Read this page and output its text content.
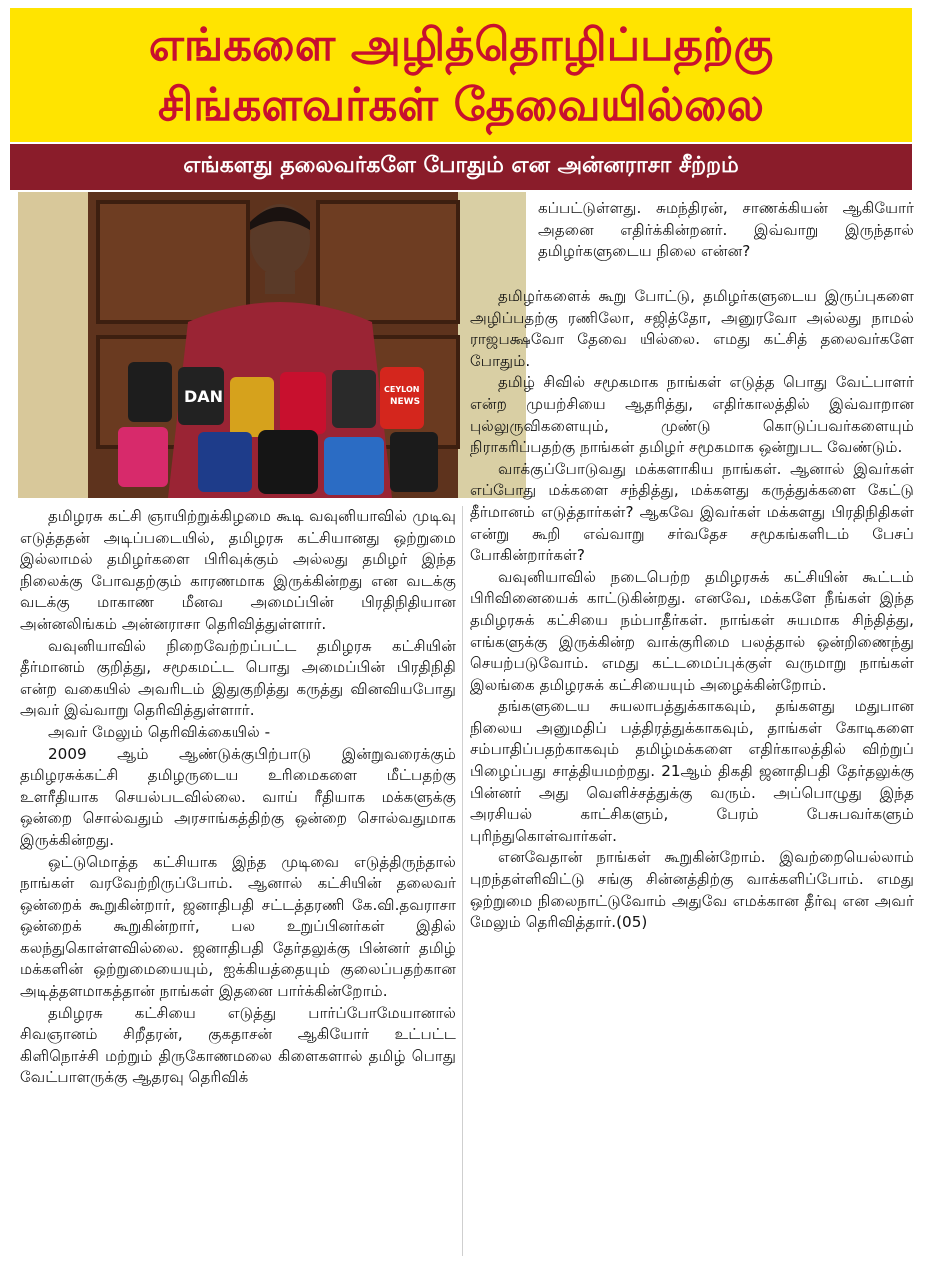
எங்களை அழித்தொழிப்பதற்கு
சிங்களவர்கள் தேவையில்லை
எங்களது தலைவர்களே போதும் என அன்னராசா சீற்றம்
DAN	CEYLON
NEWS

கப்பட்டுள்ளது. சுமந்திரன், சாணக்கியன் ஆகியோர் அதனை எதிர்க்கின்றனர். இவ்வாறு இருந்தால் தமிழர்களுடைய நிலை என்ன?

தமிழரசு கட்சி ஞாயிற்றுக்கிழமை கூடி வவுனியாவில் முடிவு எடுத்ததன் அடிப்படையில், தமிழரசு கட்சியானது ஒற்றுமை இல்லாமல் தமிழர்களை பிரிவுக்கும் அல்லது தமிழர் இந்த நிலைக்கு போவதற்கும் காரணமாக இருக்கின்றது என வடக்கு வடக்கு மாகாண மீனவ அமைப்பின் பிரதிநிதியான அன்னலிங்கம் அன்னராசா தெரிவித்துள்ளார்.

வவுனியாவில் நிறைவேற்றப்பட்ட தமிழரசு கட்சியின் தீர்மானம் குறித்து, சமூகமட்ட பொது அமைப்பின் பிரதிநிதி என்ற வகையில் அவரிடம் இதுகுறித்து கருத்து வினவியபோது அவர் இவ்வாறு தெரிவித்துள்ளார்.

அவர் மேலும் தெரிவிக்கையில் -

2009 ஆம் ஆண்டுக்குபிற்பாடு இன்றுவரைக்கும் தமிழரசுக்கட்சி தமிழருடைய உரிமைகளை மீட்பதற்கு உளரீதியாக செயல்படவில்லை. வாய் ரீதியாக மக்களுக்கு ஒன்றை சொல்வதும் அரசாங்கத்திற்கு ஒன்றை சொல்வதுமாக இருக்கின்றது.

ஒட்டுமொத்த கட்சியாக இந்த முடிவை எடுத்திருந்தால் நாங்கள் வரவேற்றிருப்போம். ஆனால் கட்சியின் தலைவர் ஒன்றைக் கூறுகின்றார், ஜனாதிபதி சட்டத்தரணி கே.வி.தவராசா ஒன்றைக் கூறுகின்றார், பல உறுப்பினர்கள் இதில் கலந்துகொள்ளவில்லை. ஜனாதிபதி தேர்தலுக்கு பின்னர் தமிழ் மக்களின் ஒற்றுமையையும், ஐக்கியத்தையும் குலைப்பதற்கான அடித்தளமாகத்தான் நாங்கள் இதனை பார்க்கின்றோம்.

தமிழரசு கட்சியை எடுத்து பார்ப்போமேயானால் சிவஞானம் சிறீதரன், குகதாசன் ஆகியோர் உட்பட்ட கிளிநொச்சி மற்றும் திருகோணமலை கிளைகளால் தமிழ் பொது வேட்பாளருக்கு ஆதரவு தெரிவிக்

தமிழர்களைக் கூறு போட்டு, தமிழர்களுடைய இருப்புகளை அழிப்பதற்கு ரணிலோ, சஜித்தோ, அனுரவோ அல்லது நாமல் ராஜபக்ஷவோ தேவை யில்லை. எமது கட்சித் தலைவர்களே போதும்.

தமிழ் சிவில் சமூகமாக நாங்கள் எடுத்த பொது வேட்பாளர் என்ற முயற்சியை ஆதரித்து, எதிர்காலத்தில் இவ்வாறான புல்லுருவிகளையும், முண்டு கொடுப்பவர்களையும் நிராகரிப்பதற்கு நாங்கள் தமிழர் சமூகமாக ஒன்றுபட வேண்டும்.

வாக்குப்போடுவது மக்களாகிய நாங்கள். ஆனால் இவர்கள் எப்போது மக்களை சந்தித்து, மக்களது கருத்துக்களை கேட்டு தீர்மானம் எடுத்தார்கள்? ஆகவே இவர்கள் மக்களது பிரதிநிதிகள் என்று கூறி எவ்வாறு சர்வதேச சமூகங்களிடம் பேசப் போகின்றார்கள்?

வவுனியாவில் நடைபெற்ற தமிழரசுக் கட்சியின் கூட்டம் பிரிவினையைக் காட்டுகின்றது. எனவே, மக்களே நீங்கள் இந்த தமிழரசுக் கட்சியை நம்பாதீர்கள். நாங்கள் சுயமாக சிந்தித்து, எங்களுக்கு இருக்கின்ற வாக்குரிமை பலத்தால் ஒன்றிணைந்து செயற்படுவோம். எமது கட்டமைப்புக்குள் வருமாறு நாங்கள் இலங்கை தமிழரசுக் கட்சியையும் அழைக்கின்றோம்.

தங்களுடைய சுயலாபத்துக்காகவும், தங்களது மதுபான நிலைய அனுமதிப் பத்திரத்துக்காகவும், தாங்கள் கோடிகளை சம்பாதிப்பதற்காகவும் தமிழ்மக்களை எதிர்காலத்தில் விற்றுப் பிழைப்பது சாத்தியமற்றது. 21ஆம் திகதி ஜனாதிபதி தேர்தலுக்கு பின்னர் அது வெளிச்சத்துக்கு வரும். அப்பொழுது இந்த அரசியல் காட்சிகளும், பேரம் பேசுபவர்களும் புரிந்துகொள்வார்கள்.

எனவேதான் நாங்கள் கூறுகின்றோம். இவற்றையெல்லாம் புறந்தள்ளிவிட்டு சங்கு சின்னத்திற்கு வாக்களிப்போம். எமது ஒற்றுமை நிலைநாட்டுவோம் அதுவே எமக்கான தீர்வு என அவர் மேலும் தெரிவித்தார்.(05)
